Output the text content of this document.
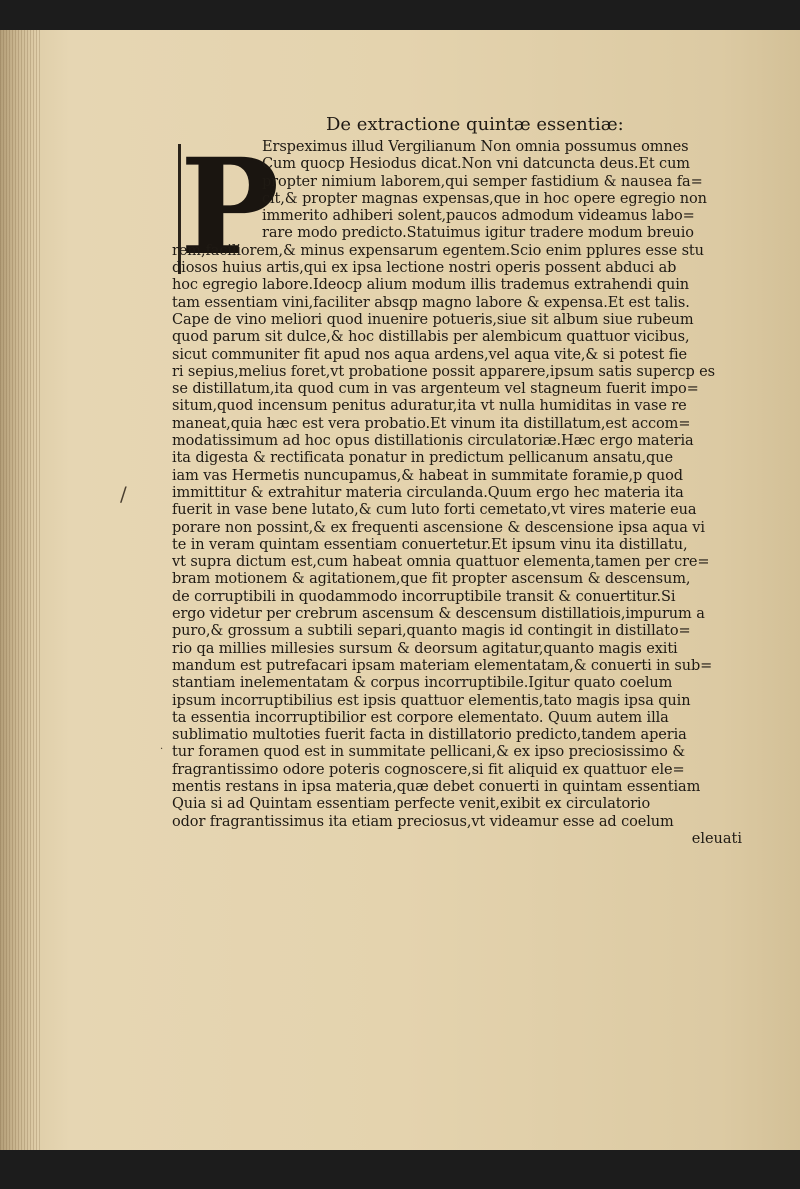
P
/
·
De extractione quintæ essentiæ:
Erspeximus illud Vergilianum Non omnia possumus omnes
Cum quocp Hesiodus dicat.Non vni datcuncta deus.Et cum
propter nimium laborem,qui semper fastidium & nausea fa=
cit,& propter magnas expensas,que in hoc opere egregio non
immerito adhiberi solent,paucos admodum videamus labo=
rare modo predicto.Statuimus igitur tradere modum breuio
rem,faciliorem,& minus expensarum egentem.Scio enim pplures esse stu
diosos huius artis,qui ex ipsa lectione nostri operis possent abduci ab
hoc egregio labore.Ideocp alium modum illis trademus extrahendi quin
tam essentiam vini,faciliter absqp magno labore & expensa.Et est talis.
Cape de vino meliori quod inuenire potueris,siue sit album siue rubeum
quod parum sit dulce,& hoc distillabis per alembicum quattuor vicibus,
sicut communiter fit apud nos aqua ardens,vel aqua vite,& si potest fie
ri sepius,melius foret,vt probatione possit apparere,ipsum satis supercp es
se distillatum,ita quod cum in vas argenteum vel stagneum fuerit impo=
situm,quod incensum penitus aduratur,ita vt nulla humiditas in vase re
maneat,quia hæc est vera probatio.Et vinum ita distillatum,est accom=
modatissimum ad hoc opus distillationis circulatoriæ.Hæc ergo materia
ita digesta & rectificata ponatur in predictum pellicanum ansatu,que
iam vas Hermetis nuncupamus,& habeat in summitate foramie,p quod
immittitur & extrahitur materia circulanda.Quum ergo hec materia ita
fuerit in vase bene lutato,& cum luto forti cemetato,vt vires materie eua
porare non possint,& ex frequenti ascensione & descensione ipsa aqua vi
te in veram quintam essentiam conuertetur.Et ipsum vinu ita distillatu,
vt supra dictum est,cum habeat omnia quattuor elementa,tamen per cre=
bram motionem & agitationem,que fit propter ascensum & descensum,
de corruptibili in quodammodo incorruptibile transit & conuertitur.Si
ergo videtur per crebrum ascensum & descensum distillatiois,impurum a
puro,& grossum a subtili separi,quanto magis id contingit in distillato=
rio qa millies millesies sursum & deorsum agitatur,quanto magis exiti
mandum est putrefacari ipsam materiam elementatam,& conuerti in sub=
stantiam inelementatam & corpus incorruptibile.Igitur quato coelum
ipsum incorruptibilius est ipsis quattuor elementis,tato magis ipsa quin
ta essentia incorruptibilior est corpore elementato. Quum autem illa
sublimatio multoties fuerit facta in distillatorio predicto,tandem aperia
tur foramen quod est in summitate pellicani,& ex ipso preciosissimo &
fragrantissimo odore poteris cognoscere,si fit aliquid ex quattuor ele=
mentis restans in ipsa materia,quæ debet conuerti in quintam essentiam
Quia si ad Quintam essentiam perfecte venit,exibit ex circulatorio
odor fragrantissimus ita etiam preciosus,vt videamur esse ad coelum
eleuati
